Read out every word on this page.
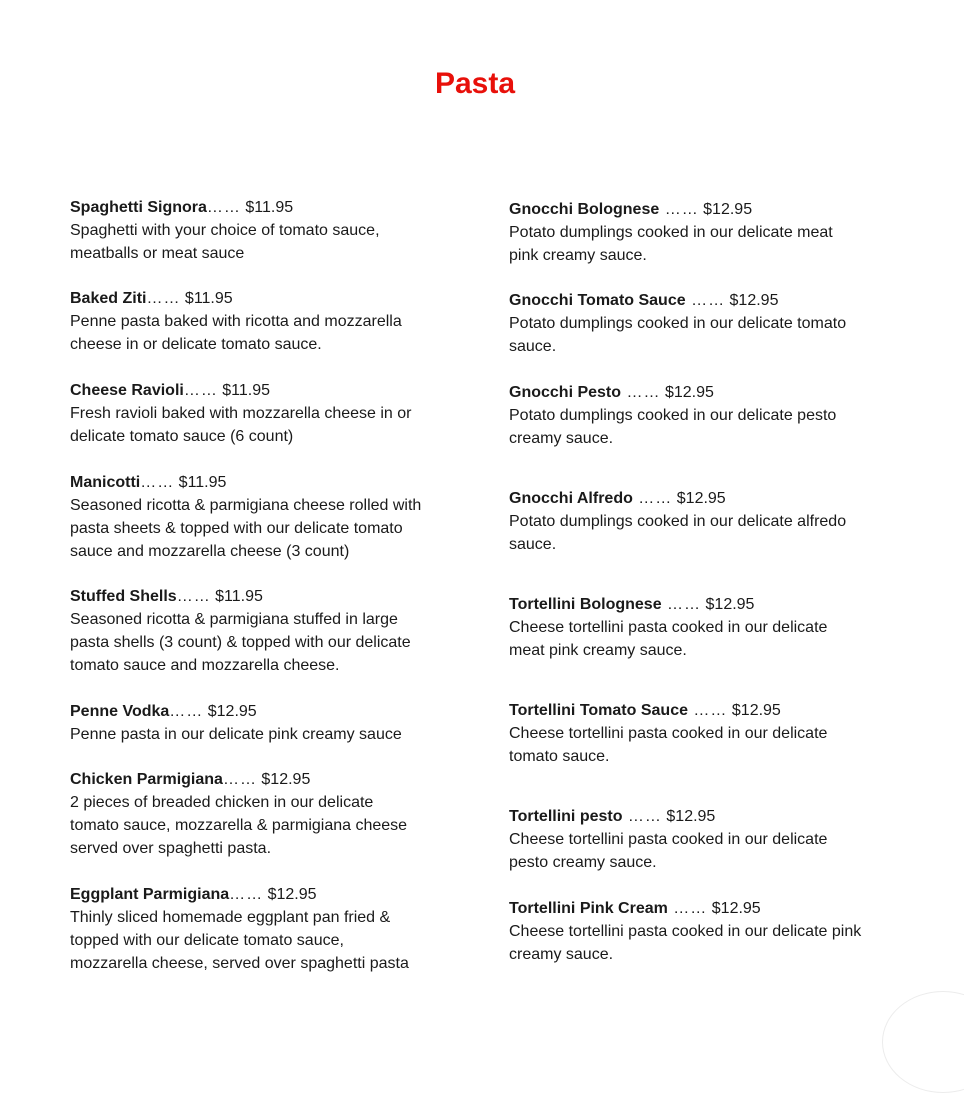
Pasta
Spaghetti Signora…… $11.95
Spaghetti with your choice of tomato sauce,
meatballs or meat sauce
Baked Ziti…… $11.95
Penne pasta baked with ricotta and mozzarella
cheese in or delicate tomato sauce.
Cheese Ravioli…… $11.95
Fresh ravioli baked with mozzarella cheese in or
delicate tomato sauce (6 count)
Manicotti…… $11.95
Seasoned ricotta & parmigiana cheese rolled with
pasta sheets & topped with our delicate tomato
sauce and mozzarella cheese (3 count)
Stuffed Shells…… $11.95
Seasoned ricotta & parmigiana stuffed in large
pasta shells (3 count) & topped with our delicate
tomato sauce and mozzarella cheese.
Penne Vodka…… $12.95
Penne pasta in our delicate pink creamy sauce
Chicken Parmigiana…… $12.95
2 pieces of breaded chicken in our delicate
tomato sauce, mozzarella & parmigiana cheese
served over spaghetti pasta.
Eggplant Parmigiana…… $12.95
Thinly sliced homemade eggplant pan fried &
topped with our delicate tomato sauce,
mozzarella cheese, served over spaghetti pasta
Gnocchi Bolognese …… $12.95
Potato dumplings cooked in our delicate meat
pink creamy sauce.
Gnocchi Tomato Sauce …… $12.95
Potato dumplings cooked in our delicate tomato
sauce.
Gnocchi Pesto …… $12.95
Potato dumplings cooked in our delicate pesto
creamy sauce.
Gnocchi Alfredo …… $12.95
Potato dumplings cooked in our delicate alfredo
sauce.
Tortellini Bolognese …… $12.95
Cheese tortellini pasta cooked in our delicate
meat pink creamy sauce.
Tortellini Tomato Sauce …… $12.95
Cheese tortellini pasta cooked in our delicate
tomato sauce.
Tortellini pesto …… $12.95
Cheese tortellini pasta cooked in our delicate
pesto creamy sauce.
Tortellini Pink Cream …… $12.95
Cheese tortellini pasta cooked in our delicate pink
creamy sauce.
